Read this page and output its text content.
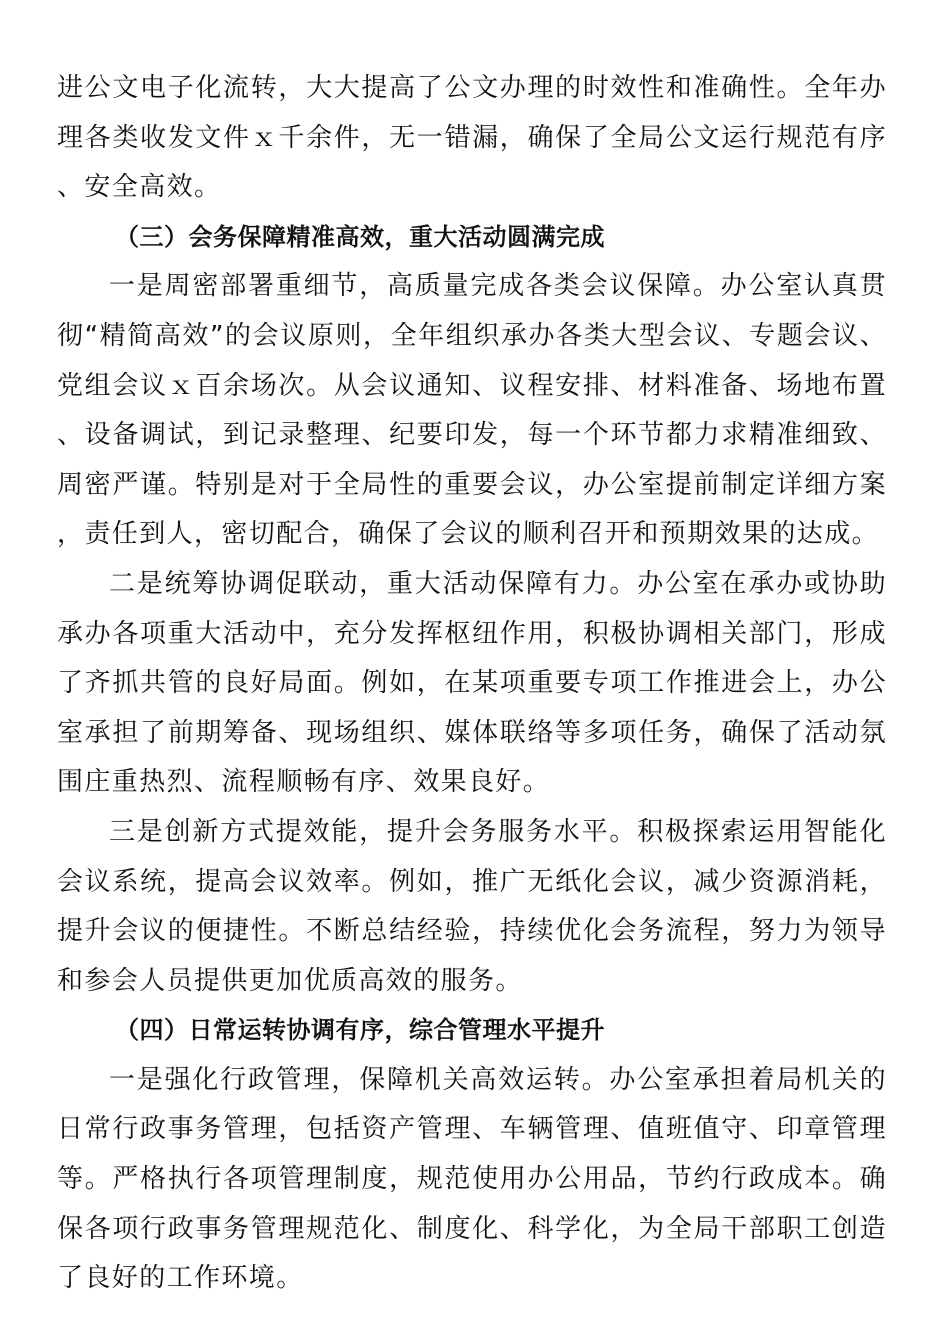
进公文电子化流转，大大提高了公文办理的时效性和准确性。全年办理各类收发文件ｘ千余件，无一错漏，确保了全局公文运行规范有序、安全高效。

（三）会务保障精准高效，重大活动圆满完成

一是周密部署重细节，高质量完成各类会议保障。办公室认真贯彻“精简高效”的会议原则，全年组织承办各类大型会议、专题会议、党组会议ｘ百余场次。从会议通知、议程安排、材料准备、场地布置、设备调试，到记录整理、纪要印发，每一个环节都力求精准细致、周密严谨。特别是对于全局性的重要会议，办公室提前制定详细方案，责任到人，密切配合，确保了会议的顺利召开和预期效果的达成。

二是统筹协调促联动，重大活动保障有力。办公室在承办或协助承办各项重大活动中，充分发挥枢纽作用，积极协调相关部门，形成了齐抓共管的良好局面。例如，在某项重要专项工作推进会上，办公室承担了前期筹备、现场组织、媒体联络等多项任务，确保了活动氛围庄重热烈、流程顺畅有序、效果良好。

三是创新方式提效能，提升会务服务水平。积极探索运用智能化会议系统，提高会议效率。例如，推广无纸化会议，减少资源消耗，提升会议的便捷性。不断总结经验，持续优化会务流程，努力为领导和参会人员提供更加优质高效的服务。

（四）日常运转协调有序，综合管理水平提升

一是强化行政管理，保障机关高效运转。办公室承担着局机关的日常行政事务管理，包括资产管理、车辆管理、值班值守、印章管理等。严格执行各项管理制度，规范使用办公用品，节约行政成本。确保各项行政事务管理规范化、制度化、科学化，为全局干部职工创造了良好的工作环境。
